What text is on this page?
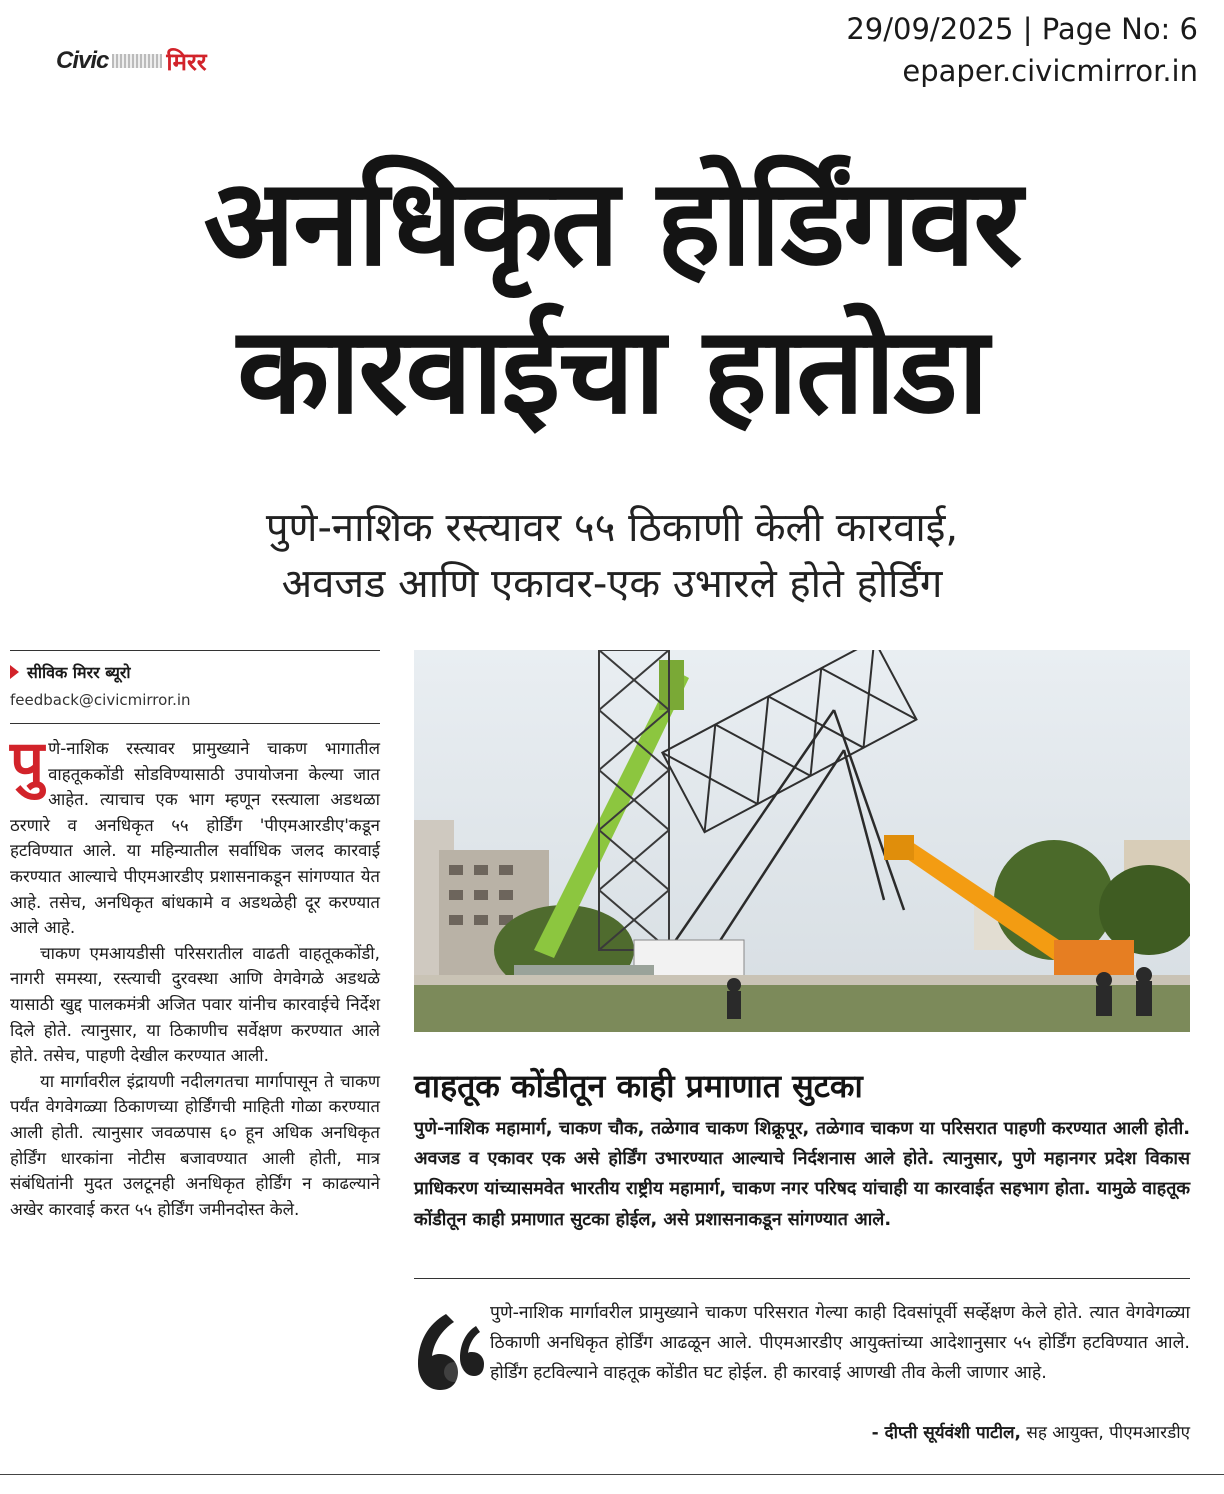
Civic मिरर
29/09/2025 | Page No: 6
epaper.civicmirror.in
अनधिकृत होर्डिंगवर
कारवाईचा हातोडा
पुणे-नाशिक रस्त्यावर ५५ ठिकाणी केली कारवाई,
अवजड आणि एकावर-एक उभारले होते होर्डिंग
सीविक मिरर ब्यूरो
feedback@civicmirror.in

पुणे-नाशिक रस्त्यावर प्रामुख्याने चाकण भागातील वाहतूककोंडी सोडविण्यासाठी उपायोजना केल्या जात आहेत. त्याचाच एक भाग म्हणून रस्त्याला अडथळा ठरणारे व अनधिकृत ५५ होर्डिंग 'पीएमआरडीए'कडून हटविण्यात आले. या महिन्यातील सर्वाधिक जलद कारवाई करण्यात आल्याचे पीएमआरडीए प्रशासनाकडून सांगण्यात येत आहे. तसेच, अनधिकृत बांधकामे व अडथळेही दूर करण्यात आले आहे.

चाकण एमआयडीसी परिसरातील वाढती वाहतूककोंडी, नागरी समस्या, रस्त्याची दुरवस्था आणि वेगवेगळे अडथळे यासाठी खुद्द पालकमंत्री अजित पवार यांनीच कारवाईचे निर्देश दिले होते. त्यानुसार, या ठिकाणीच सर्वेक्षण करण्यात आले होते. तसेच, पाहणी देखील करण्यात आली.

या मार्गावरील इंद्रायणी नदीलगतचा मार्गापासून ते चाकण पर्यंत वेगवेगळ्या ठिकाणच्या होर्डिंगची माहिती गोळा करण्यात आली होती. त्यानुसार जवळपास ६० हून अधिक अनधिकृत होर्डिंग धारकांना नोटीस बजावण्यात आली होती, मात्र संबंधितांनी मुदत उलटूनही अनधिकृत होर्डिंग न काढल्याने अखेर कारवाई करत ५५ होर्डिंग जमीनदोस्त केले.

वाहतूक कोंडीतून काही प्रमाणात सुटका
पुणे-नाशिक महामार्ग, चाकण चौक, तळेगाव चाकण शिक्रूपूर, तळेगाव चाकण या परिसरात पाहणी करण्यात आली होती. अवजड व एकावर एक असे होर्डिंग उभारण्यात आल्याचे निर्दशनास आले होते. त्यानुसार, पुणे महानगर प्रदेश विकास प्राधिकरण यांच्यासमवेत भारतीय राष्ट्रीय महामार्ग, चाकण नगर परिषद यांचाही या कारवाईत सहभाग होता. यामुळे वाहतूक कोंडीतून काही प्रमाणात सुटका होईल, असे प्रशासनाकडून सांगण्यात आले.
पुणे-नाशिक मार्गावरील प्रामुख्याने चाकण परिसरात गेल्या काही दिवसांपूर्वी सर्व्हेक्षण केले होते. त्यात वेगवेगळ्या ठिकाणी अनधिकृत होर्डिंग आढळून आले. पीएमआरडीए आयुक्तांच्या आदेशानुसार ५५ होर्डिंग हटविण्यात आले. होर्डिंग हटविल्याने वाहतूक कोंडीत घट होईल. ही कारवाई आणखी तीव केली जाणार आहे.
- दीप्ती सूर्यवंशी पाटील, सह आयुक्त, पीएमआरडीए
